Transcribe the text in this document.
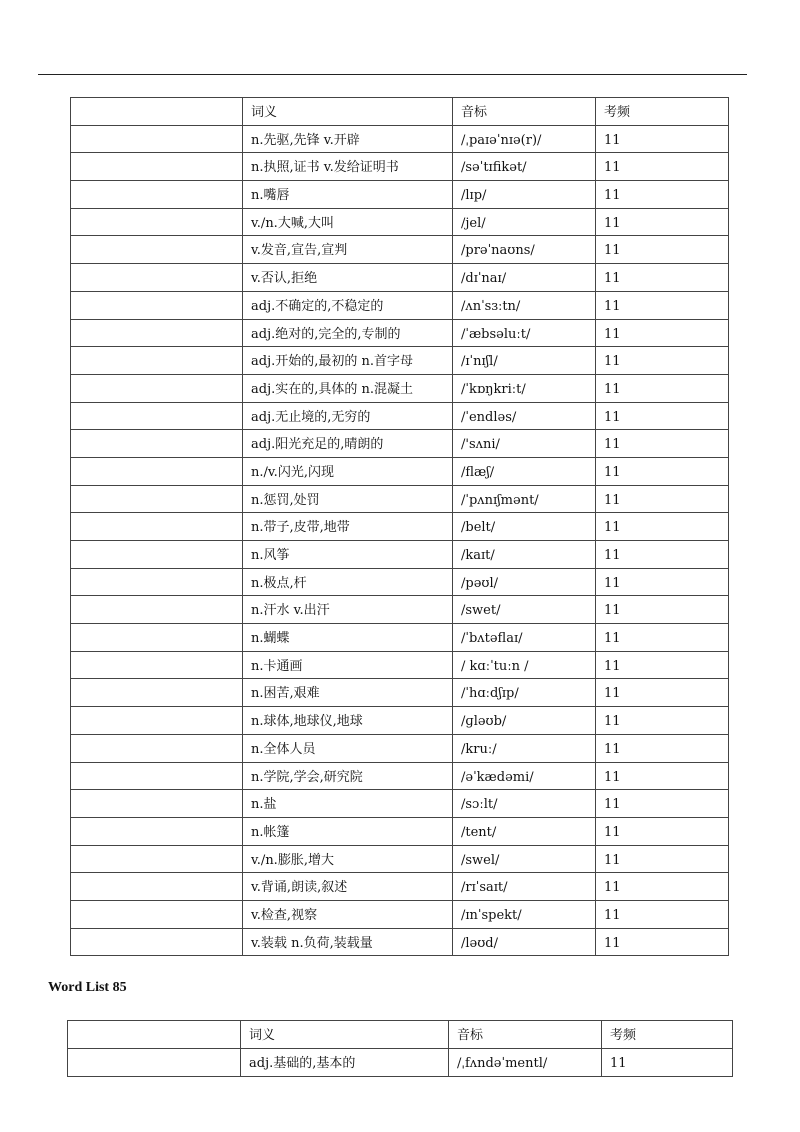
	词义	音标	考频
	n.先驱,先锋 v.开辟	/ˌpaɪəˈnɪə(r)/	11
	n.执照,证书 v.发给证明书	/səˈtɪfikət/	11
	n.嘴唇	/lɪp/	11
	v./n.大喊,大叫	/jel/	11
	v.发音,宣告,宣判	/prəˈnaʊns/	11
	v.否认,拒绝	/dɪˈnaɪ/	11
	adj.不确定的,不稳定的	/ʌnˈsɜːtn/	11
	adj.绝对的,完全的,专制的	/ˈæbsəluːt/	11
	adj.开始的,最初的 n.首字母	/ɪˈnɪʃl/	11
	adj.实在的,具体的 n.混凝土	/ˈkɒŋkriːt/	11
	adj.无止境的,无穷的	/ˈendləs/	11
	adj.阳光充足的,晴朗的	/'sʌni/	11
	n./v.闪光,闪现	/flæʃ/	11
	n.惩罚,处罚	/ˈpʌnɪʃmənt/	11
	n.带子,皮带,地带	/belt/	11
	n.风筝	/kaɪt/	11
	n.极点,杆	/pəʊl/	11
	n.汗水 v.出汗	/swet/	11
	n.蝴蝶	/ˈbʌtəflaɪ/	11
	n.卡通画	/ kɑːˈtuːn /	11
	n.困苦,艰难	/ˈhɑːdʃɪp/	11
	n.球体,地球仪,地球	/ɡləʊb/	11
	n.全体人员	/kruː/	11
	n.学院,学会,研究院	/əˈkædəmi/	11
	n.盐	/sɔːlt/	11
	n.帐篷	/tent/	11
	v./n.膨胀,增大	/swel/	11
	v.背诵,朗读,叙述	/rɪˈsaɪt/	11
	v.检查,视察	/ɪnˈspekt/	11
	v.装载 n.负荷,装载量	/ləʊd/	11
Word List 85
	词义	音标	考频
	adj.基础的,基本的	/ˌfʌndəˈmentl/	11
